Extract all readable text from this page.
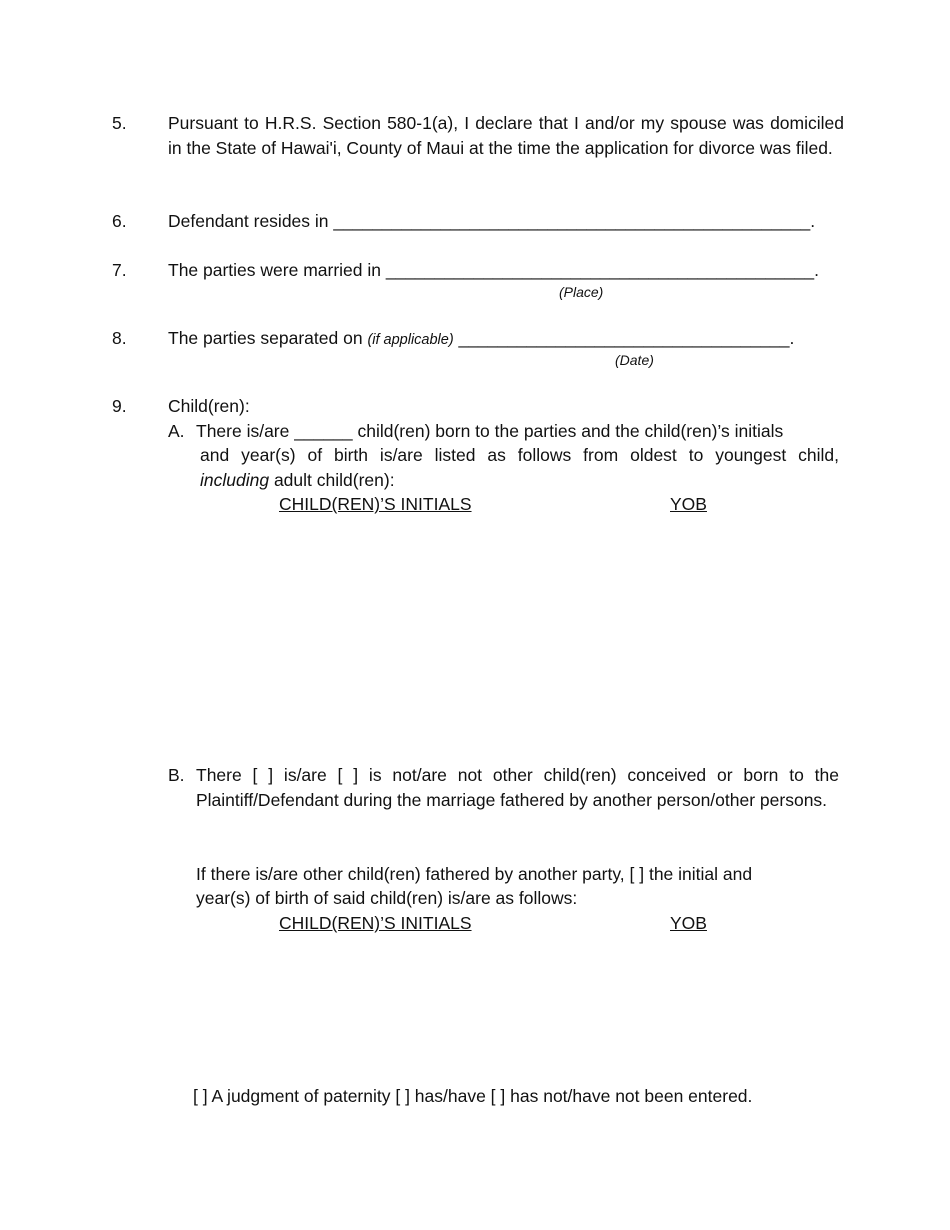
5. Pursuant to H.R.S. Section 580-1(a), I declare that I and/or my spouse was domiciled in the State of Hawai'i, County of Maui at the time the application for divorce was filed.
6. Defendant resides in _________________________________________________.
7. The parties were married in ____________________________________________.
(Place)
8. The parties separated on (if applicable) __________________________________.
(Date)
9. Child(ren):
A. There is/are ______ child(ren) born to the parties and the child(ren)’s initials
and year(s) of birth is/are listed as follows from oldest to youngest child,
including adult child(ren):
CHILD(REN)’S INITIALS	YOB
B. There [ ] is/are [ ] is not/are not other child(ren) conceived or born to the Plaintiff/Defendant during the marriage fathered by another person/other persons.
If there is/are other child(ren) fathered by another party, [ ] the initial and
year(s) of birth of said child(ren) is/are as follows:
CHILD(REN)’S INITIALS	YOB
[ ] A judgment of paternity [ ] has/have [ ] has not/have not been entered.
